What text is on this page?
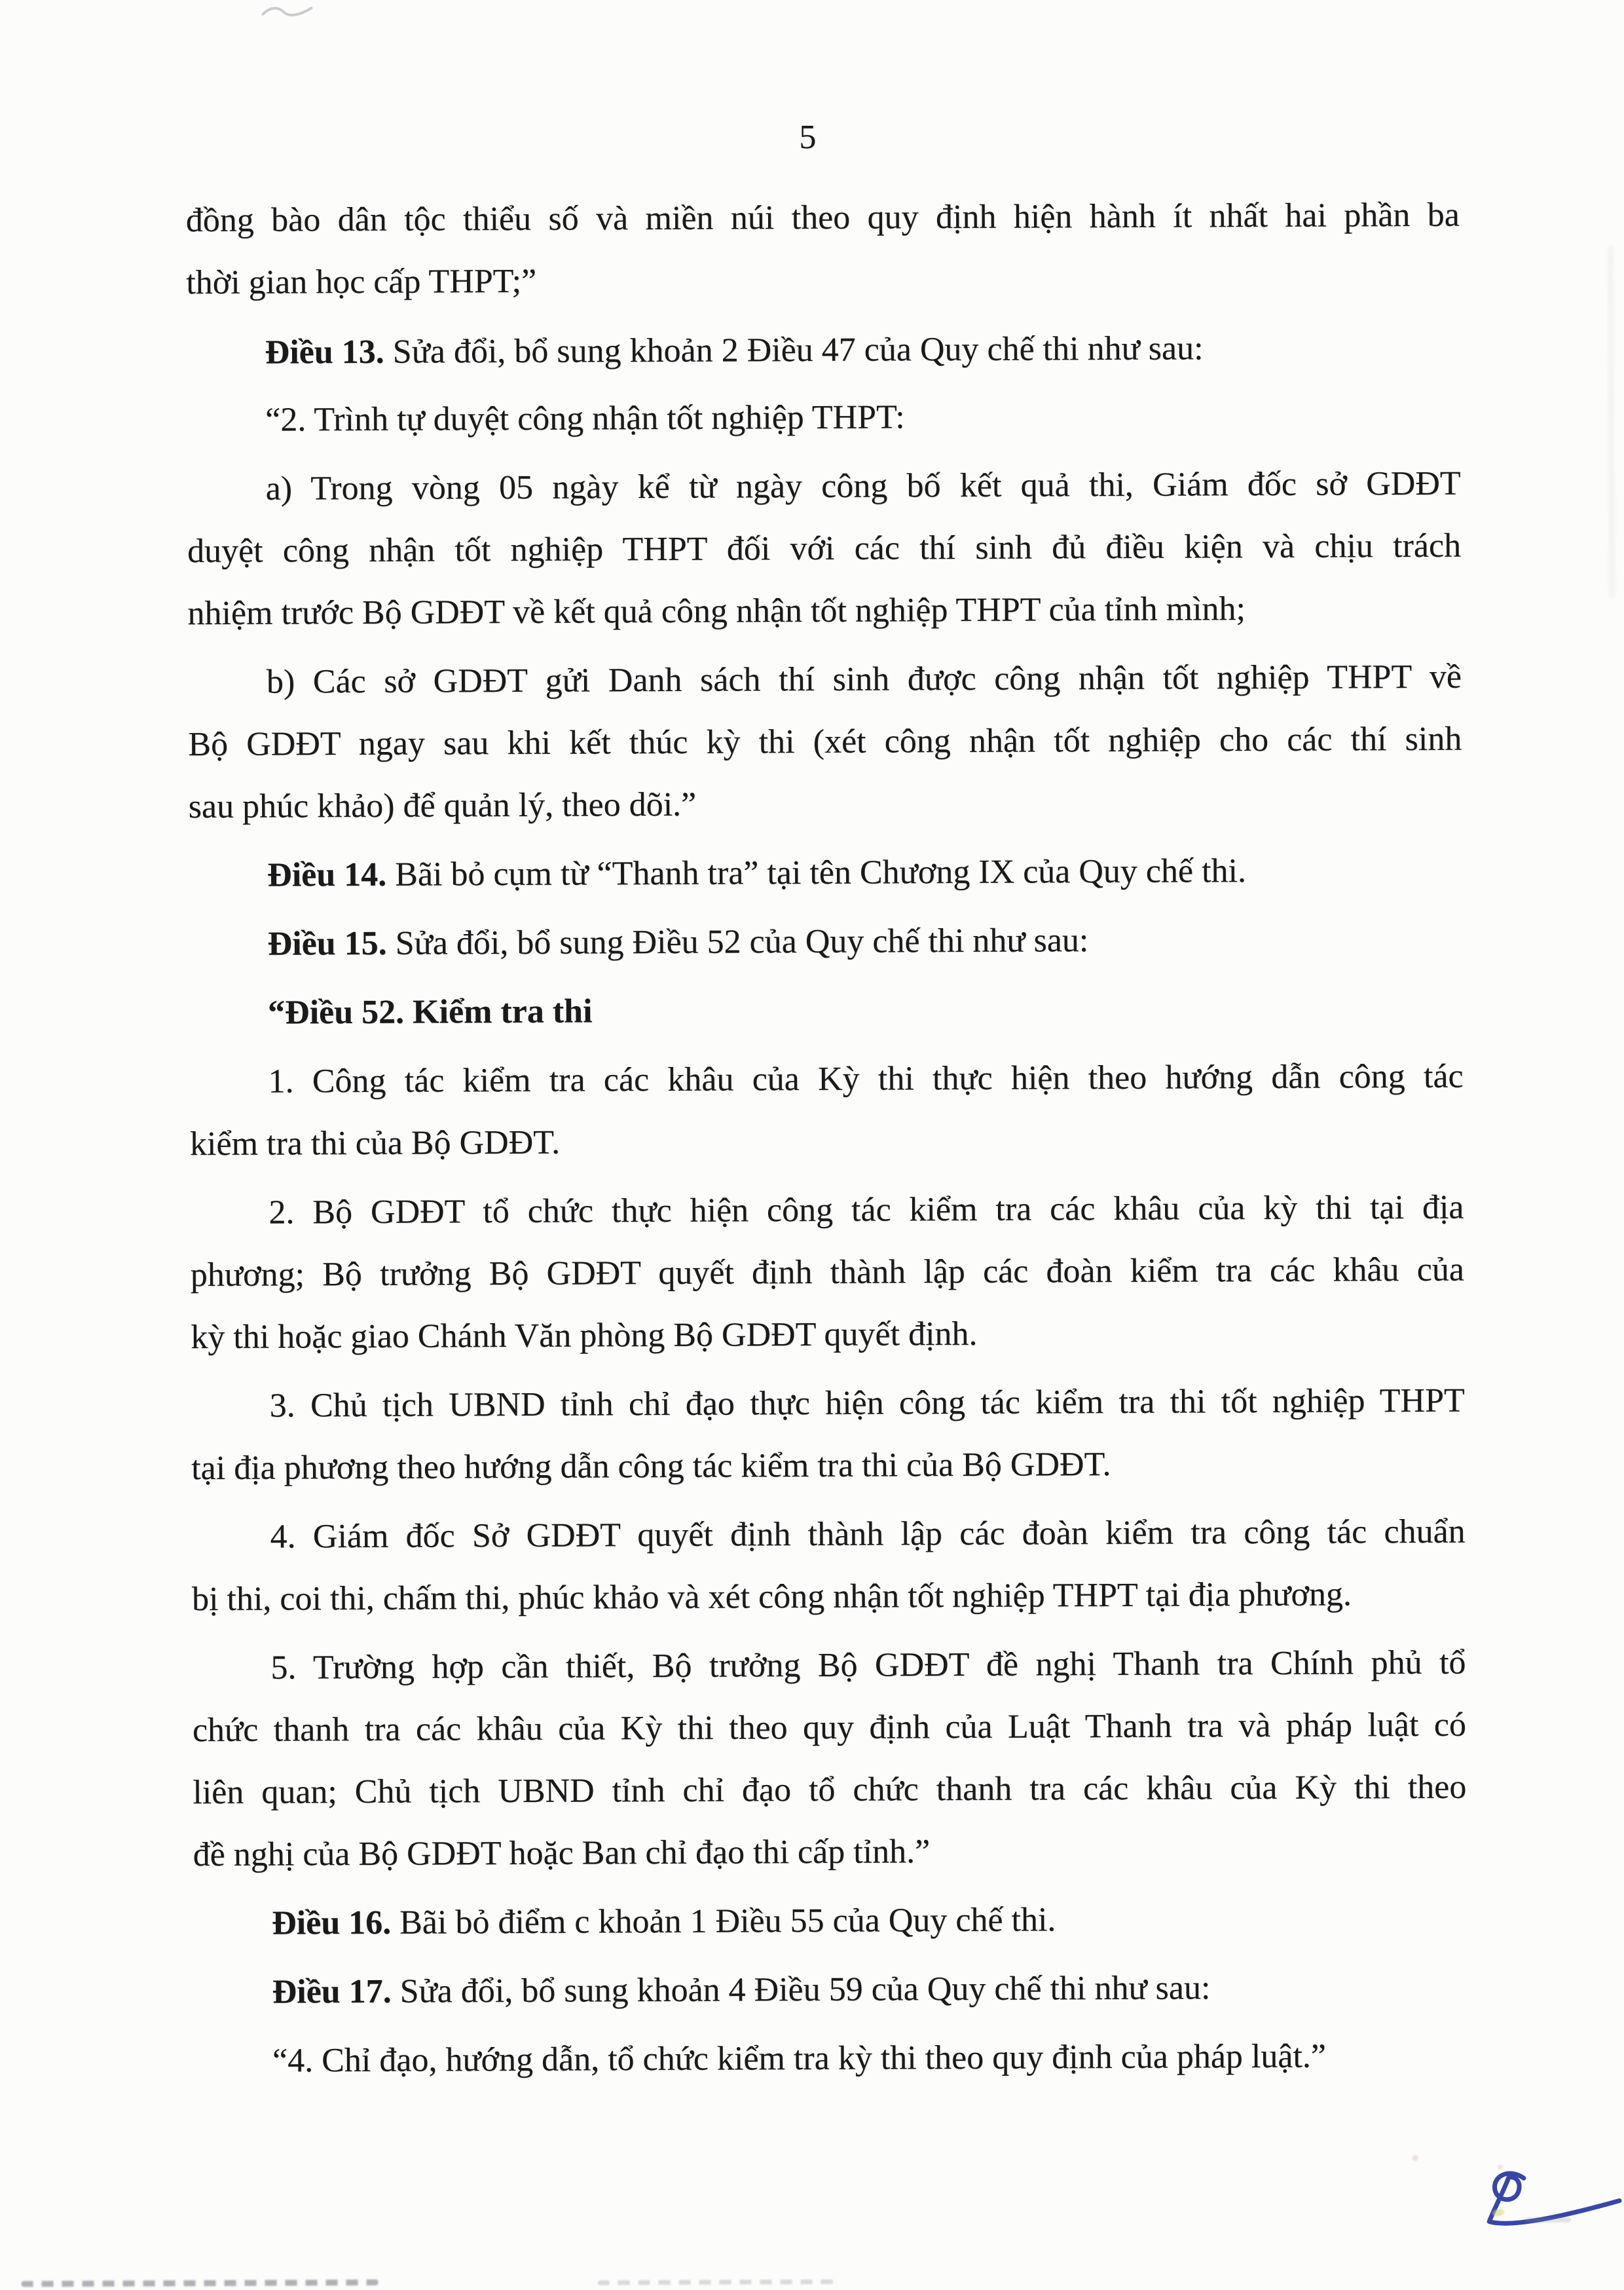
5
đồng bào dân tộc thiểu số và miền núi theo quy định hiện hành ít nhất hai phần ba
thời gian học cấp THPT;”
Điều 13. Sửa đổi, bổ sung khoản 2 Điều 47 của Quy chế thi như sau:
“2. Trình tự duyệt công nhận tốt nghiệp THPT:
a) Trong vòng 05 ngày kể từ ngày công bố kết quả thi, Giám đốc sở GDĐT
duyệt công nhận tốt nghiệp THPT đối với các thí sinh đủ điều kiện và chịu trách
nhiệm trước Bộ GDĐT về kết quả công nhận tốt nghiệp THPT của tỉnh mình;
b) Các sở GDĐT gửi Danh sách thí sinh được công nhận tốt nghiệp THPT về
Bộ GDĐT ngay sau khi kết thúc kỳ thi (xét công nhận tốt nghiệp cho các thí sinh
sau phúc khảo) để quản lý, theo dõi.”
Điều 14. Bãi bỏ cụm từ “Thanh tra” tại tên Chương IX của Quy chế thi.
Điều 15. Sửa đổi, bổ sung Điều 52 của Quy chế thi như sau:
“Điều 52. Kiểm tra thi
1. Công tác kiểm tra các khâu của Kỳ thi thực hiện theo hướng dẫn công tác
kiểm tra thi của Bộ GDĐT.
2. Bộ GDĐT tổ chức thực hiện công tác kiểm tra các khâu của kỳ thi tại địa
phương; Bộ trưởng Bộ GDĐT quyết định thành lập các đoàn kiểm tra các khâu của
kỳ thi hoặc giao Chánh Văn phòng Bộ GDĐT quyết định.
3. Chủ tịch UBND tỉnh chỉ đạo thực hiện công tác kiểm tra thi tốt nghiệp THPT
tại địa phương theo hướng dẫn công tác kiểm tra thi của Bộ GDĐT.
4. Giám đốc Sở GDĐT quyết định thành lập các đoàn kiểm tra công tác chuẩn
bị thi, coi thi, chấm thi, phúc khảo và xét công nhận tốt nghiệp THPT tại địa phương.
5. Trường hợp cần thiết, Bộ trưởng Bộ GDĐT đề nghị Thanh tra Chính phủ tổ
chức thanh tra các khâu của Kỳ thi theo quy định của Luật Thanh tra và pháp luật có
liên quan; Chủ tịch UBND tỉnh chỉ đạo tổ chức thanh tra các khâu của Kỳ thi theo
đề nghị của Bộ GDĐT hoặc Ban chỉ đạo thi cấp tỉnh.”
Điều 16. Bãi bỏ điểm c khoản 1 Điều 55 của Quy chế thi.
Điều 17. Sửa đổi, bổ sung khoản 4 Điều 59 của Quy chế thi như sau:
“4. Chỉ đạo, hướng dẫn, tổ chức kiểm tra kỳ thi theo quy định của pháp luật.”
